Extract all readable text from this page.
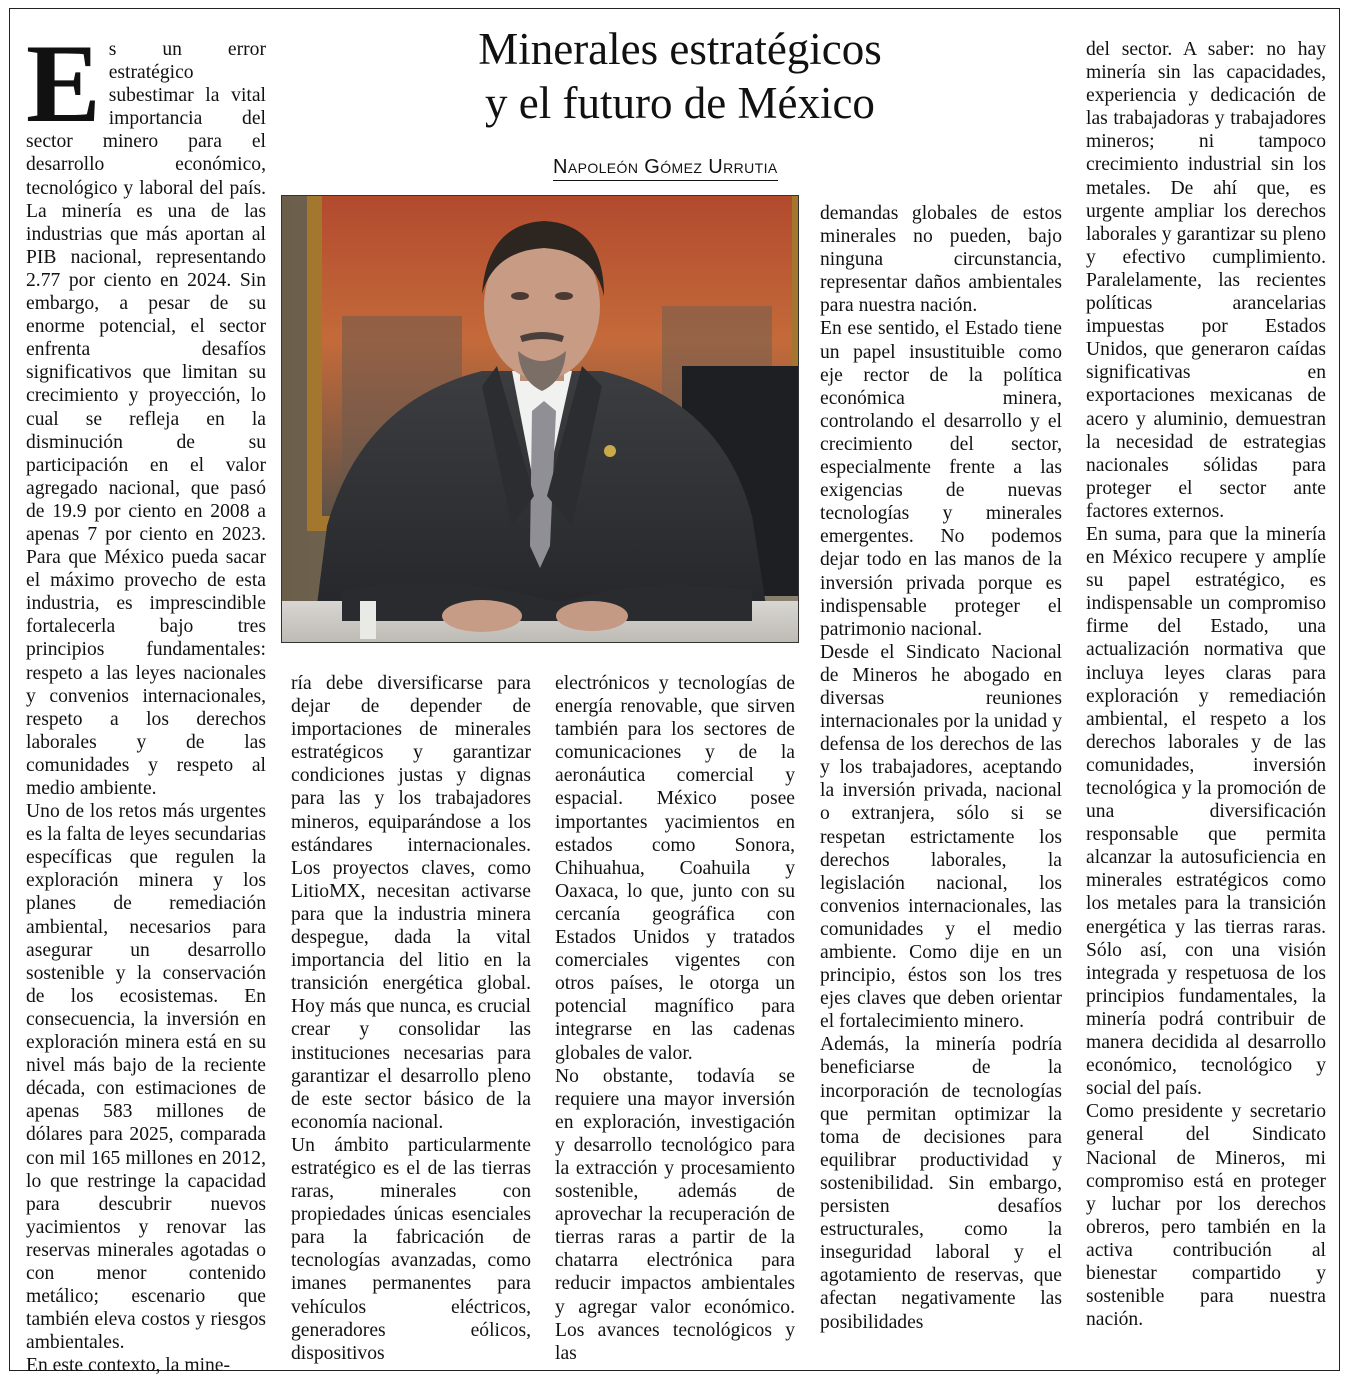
Minerales estratégicos
y el futuro de México
Napoleón Gómez Urrutia

Es un error estratégico subestimar la vital importancia del sector minero para el desarrollo económico, tecnológico y laboral del país. La minería es una de las industrias que más aportan al PIB nacional, representando 2.77 por ciento en 2024. Sin embargo, a pesar de su enorme potencial, el sector enfrenta desafíos significativos que limitan su crecimiento y proyección, lo cual se refleja en la disminución de su participación en el valor agregado nacional, que pasó de 19.9 por ciento en 2008 a apenas 7 por ciento en 2023. Para que México pueda sacar el máximo provecho de esta industria, es imprescindible fortalecerla bajo tres principios fundamentales: respeto a las leyes nacionales y convenios internacionales, respeto a los derechos laborales y de las comunidades y respeto al medio ambiente.

Uno de los retos más urgentes es la falta de leyes secundarias específicas que regulen la exploración minera y los planes de remediación ambiental, necesarios para asegurar un desarrollo sostenible y la conservación de los ecosistemas. En consecuencia, la inversión en exploración minera está en su nivel más bajo de la reciente década, con estimaciones de apenas 583 millones de dólares para 2025, comparada con mil 165 millones en 2012, lo que restringe la capacidad para descubrir nuevos yacimientos y renovar las reservas minerales agotadas o con menor contenido metálico; escenario que también eleva costos y riesgos ambientales.

En este contexto, la mine-

ría debe diversificarse para dejar de depender de importaciones de minerales estratégicos y garantizar condiciones justas y dignas para las y los trabajadores mineros, equiparándose a los estándares internacionales. Los proyectos claves, como LitioMX, necesitan activarse para que la industria minera despegue, dada la vital importancia del litio en la transición energética global. Hoy más que nunca, es crucial crear y consolidar las instituciones necesarias para garantizar el desarrollo pleno de este sector básico de la economía nacional.

Un ámbito particularmente estratégico es el de las tierras raras, minerales con propiedades únicas esenciales para la fabricación de tecnologías avanzadas, como imanes permanentes para vehículos eléctricos, generadores eólicos, dispositivos

electrónicos y tecnologías de energía renovable, que sirven también para los sectores de comunicaciones y de la aeronáutica comercial y espacial. México posee importantes yacimientos en estados como Sonora, Chihuahua, Coahuila y Oaxaca, lo que, junto con su cercanía geográfica con Estados Unidos y tratados comerciales vigentes con otros países, le otorga un potencial magnífico para integrarse en las cadenas globales de valor.

No obstante, todavía se requiere una mayor inversión en exploración, investigación y desarrollo tecnológico para la extracción y procesamiento sostenible, además de aprovechar la recuperación de tierras raras a partir de la chatarra electrónica para reducir impactos ambientales y agregar valor económico. Los avances tecnológicos y las

demandas globales de estos minerales no pueden, bajo ninguna circunstancia, representar daños ambientales para nuestra nación.

En ese sentido, el Estado tiene un papel insustituible como eje rector de la política económica minera, controlando el desarrollo y el crecimiento del sector, especialmente frente a las exigencias de nuevas tecnologías y minerales emergentes. No podemos dejar todo en las manos de la inversión privada porque es indispensable proteger el patrimonio nacional.

Desde el Sindicato Nacional de Mineros he abogado en diversas reuniones internacionales por la unidad y defensa de los derechos de las y los trabajadores, aceptando la inversión privada, nacional o extranjera, sólo si se respetan estrictamente los derechos laborales, la legislación nacional, los convenios internacionales, las comunidades y el medio ambiente. Como dije en un principio, éstos son los tres ejes claves que deben orientar el fortalecimiento minero.

Además, la minería podría beneficiarse de la incorporación de tecnologías que permitan optimizar la toma de decisiones para equilibrar productividad y sostenibilidad. Sin embargo, persisten desafíos estructurales, como la inseguridad laboral y el agotamiento de reservas, que afectan negativamente las posibilidades

del sector. A saber: no hay minería sin las capacidades, experiencia y dedicación de las trabajadoras y trabajadores mineros; ni tampoco crecimiento industrial sin los metales. De ahí que, es urgente ampliar los derechos laborales y garantizar su pleno y efectivo cumplimiento. Paralelamente, las recientes políticas arancelarias impuestas por Estados Unidos, que generaron caídas significativas en exportaciones mexicanas de acero y aluminio, demuestran la necesidad de estrategias nacionales sólidas para proteger el sector ante factores externos.

En suma, para que la minería en México recupere y amplíe su papel estratégico, es indispensable un compromiso firme del Estado, una actualización normativa que incluya leyes claras para exploración y remediación ambiental, el respeto a los derechos laborales y de las comunidades, inversión tecnológica y la promoción de una diversificación responsable que permita alcanzar la autosuficiencia en minerales estratégicos como los metales para la transición energética y las tierras raras. Sólo así, con una visión integrada y respetuosa de los principios fundamentales, la minería podrá contribuir de manera decidida al desarrollo económico, tecnológico y social del país.

Como presidente y secretario general del Sindicato Nacional de Mineros, mi compromiso está en proteger y luchar por los derechos obreros, pero también en la activa contribución al bienestar compartido y sostenible para nuestra nación.
